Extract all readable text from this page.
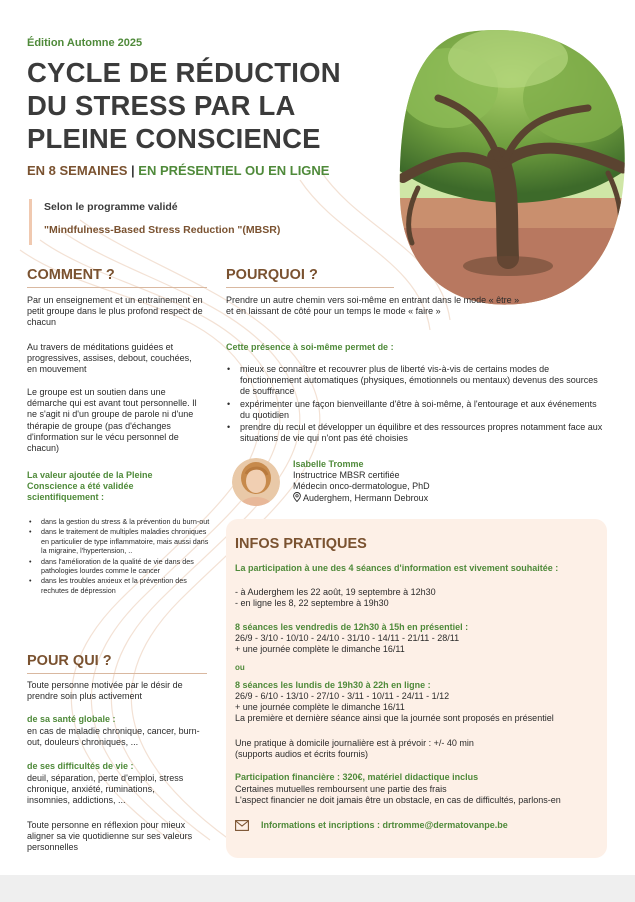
Édition Automne 2025
CYCLE DE RÉDUCTION
DU STRESS PAR LA
PLEINE CONSCIENCE
EN 8 SEMAINES | EN PRÉSENTIEL OU EN LIGNE
Selon le programme validé
"Mindfulness-Based Stress Reduction "(MBSR)
COMMENT ?
Par un enseignement et un entrainement en petit groupe dans le plus profond respect de chacun
Au travers de méditations guidées et progressives, assises, debout, couchées, en mouvement
Le groupe est un soutien dans une démarche qui est avant tout personnelle. Il ne s'agit ni d'un groupe de parole ni d'une thérapie de groupe (pas d'échanges d'information sur le vécu personnel de chacun)
La valeur ajoutée de la Pleine Conscience a été validée scientifiquement :
• dans la gestion du stress & la prévention du burn-out
• dans le traitement de multiples maladies chroniques en particulier de type inflammatoire, mais aussi dans la migraine, l'hypertension, ..
• dans l'amélioration de la qualité de vie dans des pathologies lourdes comme le cancer
• dans les troubles anxieux et la prévention des rechutes de dépression
POUR QUI ?
Toute personne motivée par le désir de prendre soin plus activement
de sa santé globale :
en cas de maladie chronique, cancer, burn-out, douleurs chroniques, ...
de ses difficultés de vie :
deuil, séparation, perte d'emploi, stress chronique, anxiété, ruminations, insomnies, addictions, ...
Toute personne en réflexion pour mieux aligner sa vie quotidienne sur ses valeurs personnelles
POURQUOI ?
Prendre un autre chemin vers soi-même en entrant dans le mode « être » et en laissant de côté pour un temps le mode « faire »
Cette présence à soi-même permet de :
• mieux se connaître et recouvrer plus de liberté vis-à-vis de certains modes de fonctionnement automatiques (physiques, émotionnels ou mentaux) devenus des sources de souffrance
• expérimenter une façon bienveillante d'être à soi-même, à l'entourage et aux événements du quotidien
• prendre du recul et développer un équilibre et des ressources propres notamment face aux situations de vie qui n'ont pas été choisies
Isabelle Tromme
Instructrice MBSR certifiée
Médecin onco-dermatologue, PhD
Auderghem, Hermann Debroux
INFOS PRATIQUES
La participation à une des 4 séances d'information est vivement souhaitée :
- à Auderghem les 22 août, 19 septembre à 12h30
- en ligne les 8, 22 septembre à 19h30
8 séances les vendredis de 12h30 à 15h en présentiel :
26/9 - 3/10 - 10/10 - 24/10 - 31/10 - 14/11 - 21/11 - 28/11
+ une journée complète le dimanche 16/11
ou
8 séances les lundis de 19h30 à 22h en ligne :
26/9 - 6/10 - 13/10 - 27/10 - 3/11 - 10/11 - 24/11 - 1/12
+ une journée complète le dimanche 16/11
La première et dernière séance ainsi que la journée sont proposés en présentiel
Une pratique à domicile journalière est à prévoir : +/- 40 min
(supports audios et écrits fournis)
Participation financière : 320€, matériel didactique inclus
Certaines mutuelles remboursent une partie des frais
L'aspect financier ne doit jamais être un obstacle, en cas de difficultés, parlons-en
Informations et incriptions : drtromme@dermatovanpe.be
